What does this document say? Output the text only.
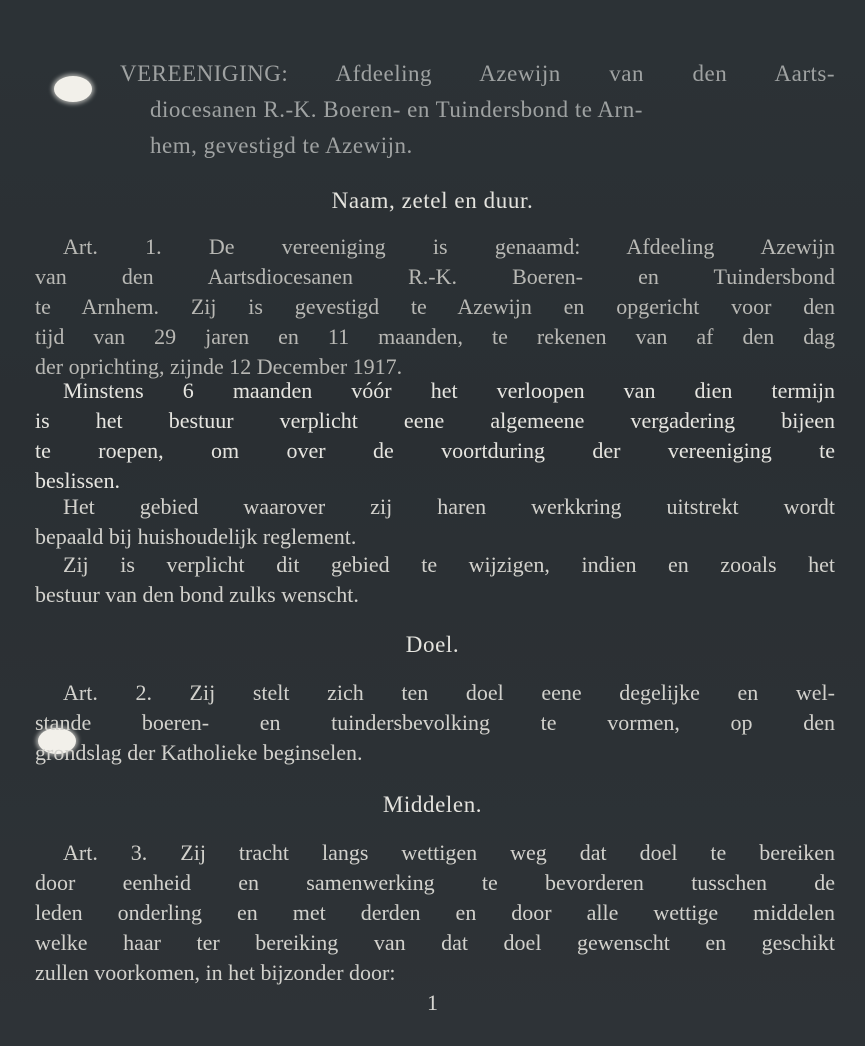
VEREENIGING: Afdeeling Azewijn van den Aarts-
diocesanen R.-K. Boeren- en Tuindersbond te Arn-
hem, gevestigd te Azewijn.
Naam, zetel en duur.
Art. 1. De vereeniging is genaamd: Afdeeling Azewijn
van den Aartsdiocesanen R.-K. Boeren- en Tuindersbond
te Arnhem. Zij is gevestigd te Azewijn en opgericht voor den
tijd van 29 jaren en 11 maanden, te rekenen van af den dag
der oprichting, zijnde 12 December 1917.
Minstens 6 maanden vóór het verloopen van dien termijn
is het bestuur verplicht eene algemeene vergadering bijeen
te roepen, om over de voortduring der vereeniging te
beslissen.
Het gebied waarover zij haren werkkring uitstrekt wordt
bepaald bij huishoudelijk reglement.
Zij is verplicht dit gebied te wijzigen, indien en zooals het
bestuur van den bond zulks wenscht.
Doel.
Art. 2. Zij stelt zich ten doel eene degelijke en wel-
stande boeren- en tuindersbevolking te vormen, op den
grondslag der Katholieke beginselen.
Middelen.
Art. 3. Zij tracht langs wettigen weg dat doel te bereiken
door eenheid en samenwerking te bevorderen tusschen de
leden onderling en met derden en door alle wettige middelen
welke haar ter bereiking van dat doel gewenscht en geschikt
zullen voorkomen, in het bijzonder door:
1
